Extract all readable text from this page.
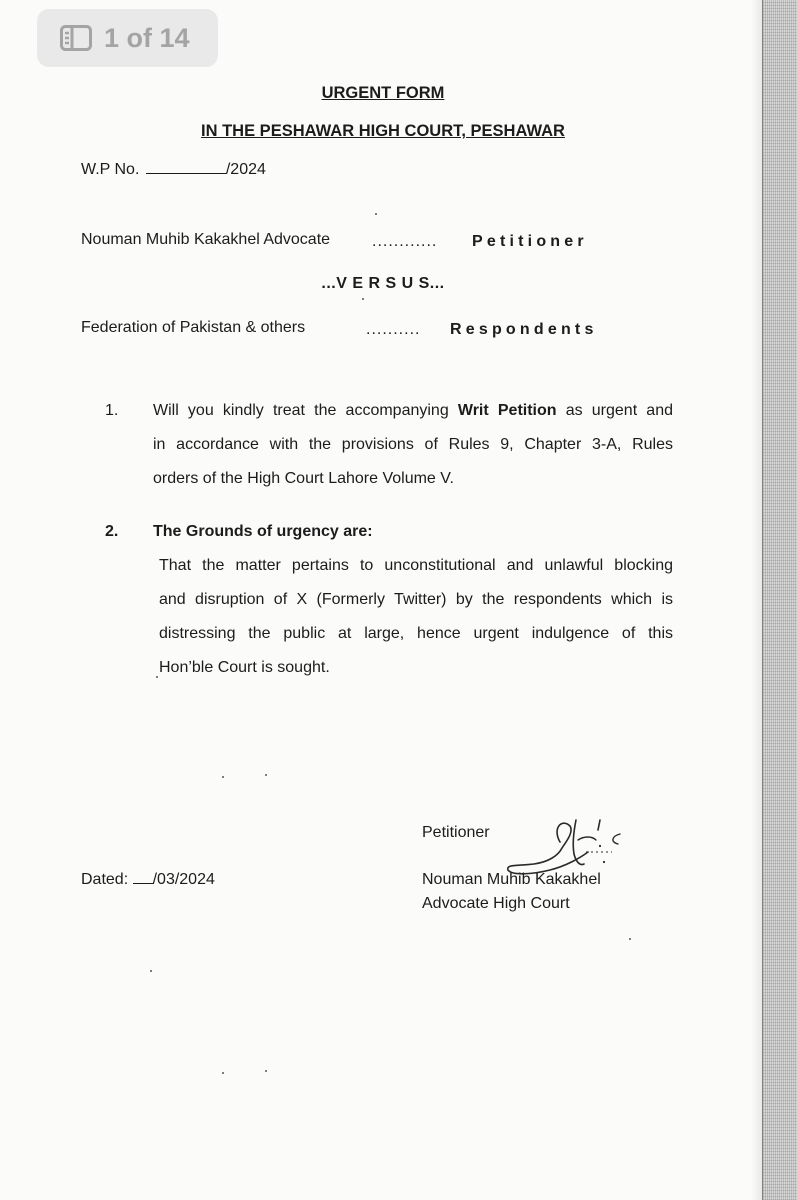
1 of 14
URGENT FORM
IN THE PESHAWAR HIGH COURT, PESHAWAR
W.P No.	/2024
Nouman Muhib Kakakhel Advocate	............ Petitioner
...V E R S U S...
Federation of Pakistan & others	.......... Respondents
1. Will you kindly treat the accompanying Writ Petition as urgent and
in accordance with the provisions of Rules 9, Chapter 3-A, Rules
orders of the High Court Lahore Volume V.
2. The Grounds of urgency are:
That the matter pertains to unconstitutional and unlawful blocking
and disruption of X (Formerly Twitter) by the respondents which is
distressing the public at large, hence urgent indulgence of this
Hon’ble Court is sought.
Petitioner
Nouman Muhib Kakakhel
Advocate High Court
Dated: /03/2024
